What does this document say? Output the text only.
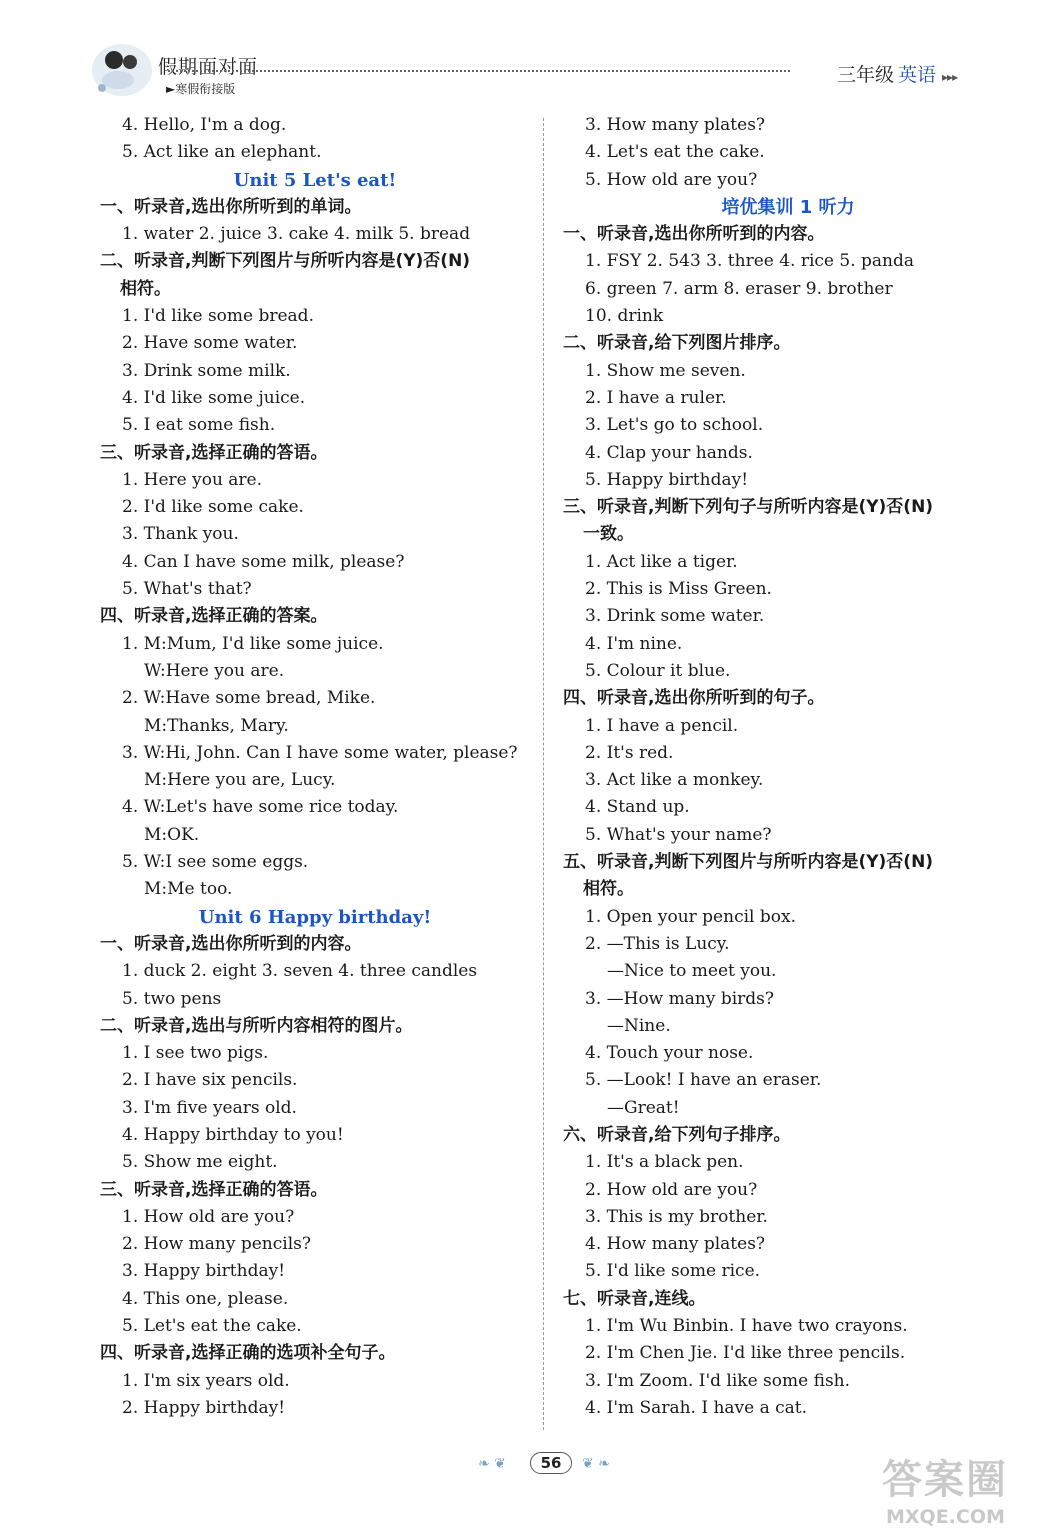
假期面对面
►寒假衔接版
三年级 英语 ▸▸▸
4. Hello, I'm a dog.
5. Act like an elephant.
Unit 5 Let's eat!
一、听录音,选出你所听到的单词。
1. water 2. juice 3. cake 4. milk 5. bread
二、听录音,判断下列图片与所听内容是(Y)否(N)
相符。
1. I'd like some bread.
2. Have some water.
3. Drink some milk.
4. I'd like some juice.
5. I eat some fish.
三、听录音,选择正确的答语。
1. Here you are.
2. I'd like some cake.
3. Thank you.
4. Can I have some milk, please?
5. What's that?
四、听录音,选择正确的答案。
1. M:Mum, I'd like some juice.
W:Here you are.
2. W:Have some bread, Mike.
M:Thanks, Mary.
3. W:Hi, John. Can I have some water, please?
M:Here you are, Lucy.
4. W:Let's have some rice today.
M:OK.
5. W:I see some eggs.
M:Me too.
Unit 6 Happy birthday!
一、听录音,选出你所听到的内容。
1. duck 2. eight 3. seven 4. three candles
5. two pens
二、听录音,选出与所听内容相符的图片。
1. I see two pigs.
2. I have six pencils.
3. I'm five years old.
4. Happy birthday to you!
5. Show me eight.
三、听录音,选择正确的答语。
1. How old are you?
2. How many pencils?
3. Happy birthday!
4. This one, please.
5. Let's eat the cake.
四、听录音,选择正确的选项补全句子。
1. I'm six years old.
2. Happy birthday!
3. How many plates?
4. Let's eat the cake.
5. How old are you?
培优集训 1 听力
一、听录音,选出你所听到的内容。
1. FSY 2. 543 3. three 4. rice 5. panda
6. green 7. arm 8. eraser 9. brother
10. drink
二、听录音,给下列图片排序。
1. Show me seven.
2. I have a ruler.
3. Let's go to school.
4. Clap your hands.
5. Happy birthday!
三、听录音,判断下列句子与所听内容是(Y)否(N)
一致。
1. Act like a tiger.
2. This is Miss Green.
3. Drink some water.
4. I'm nine.
5. Colour it blue.
四、听录音,选出你所听到的句子。
1. I have a pencil.
2. It's red.
3. Act like a monkey.
4. Stand up.
5. What's your name?
五、听录音,判断下列图片与所听内容是(Y)否(N)
相符。
1. Open your pencil box.
2. —This is Lucy.
—Nice to meet you.
3. —How many birds?
—Nine.
4. Touch your nose.
5. —Look! I have an eraser.
—Great!
六、听录音,给下列句子排序。
1. It's a black pen.
2. How old are you?
3. This is my brother.
4. How many plates?
5. I'd like some rice.
七、听录音,连线。
1. I'm Wu Binbin. I have two crayons.
2. I'm Chen Jie. I'd like three pencils.
3. I'm Zoom. I'd like some fish.
4. I'm Sarah. I have a cat.
❧ ❦	56	❦ ❧	答案圈
MXQE.COM
